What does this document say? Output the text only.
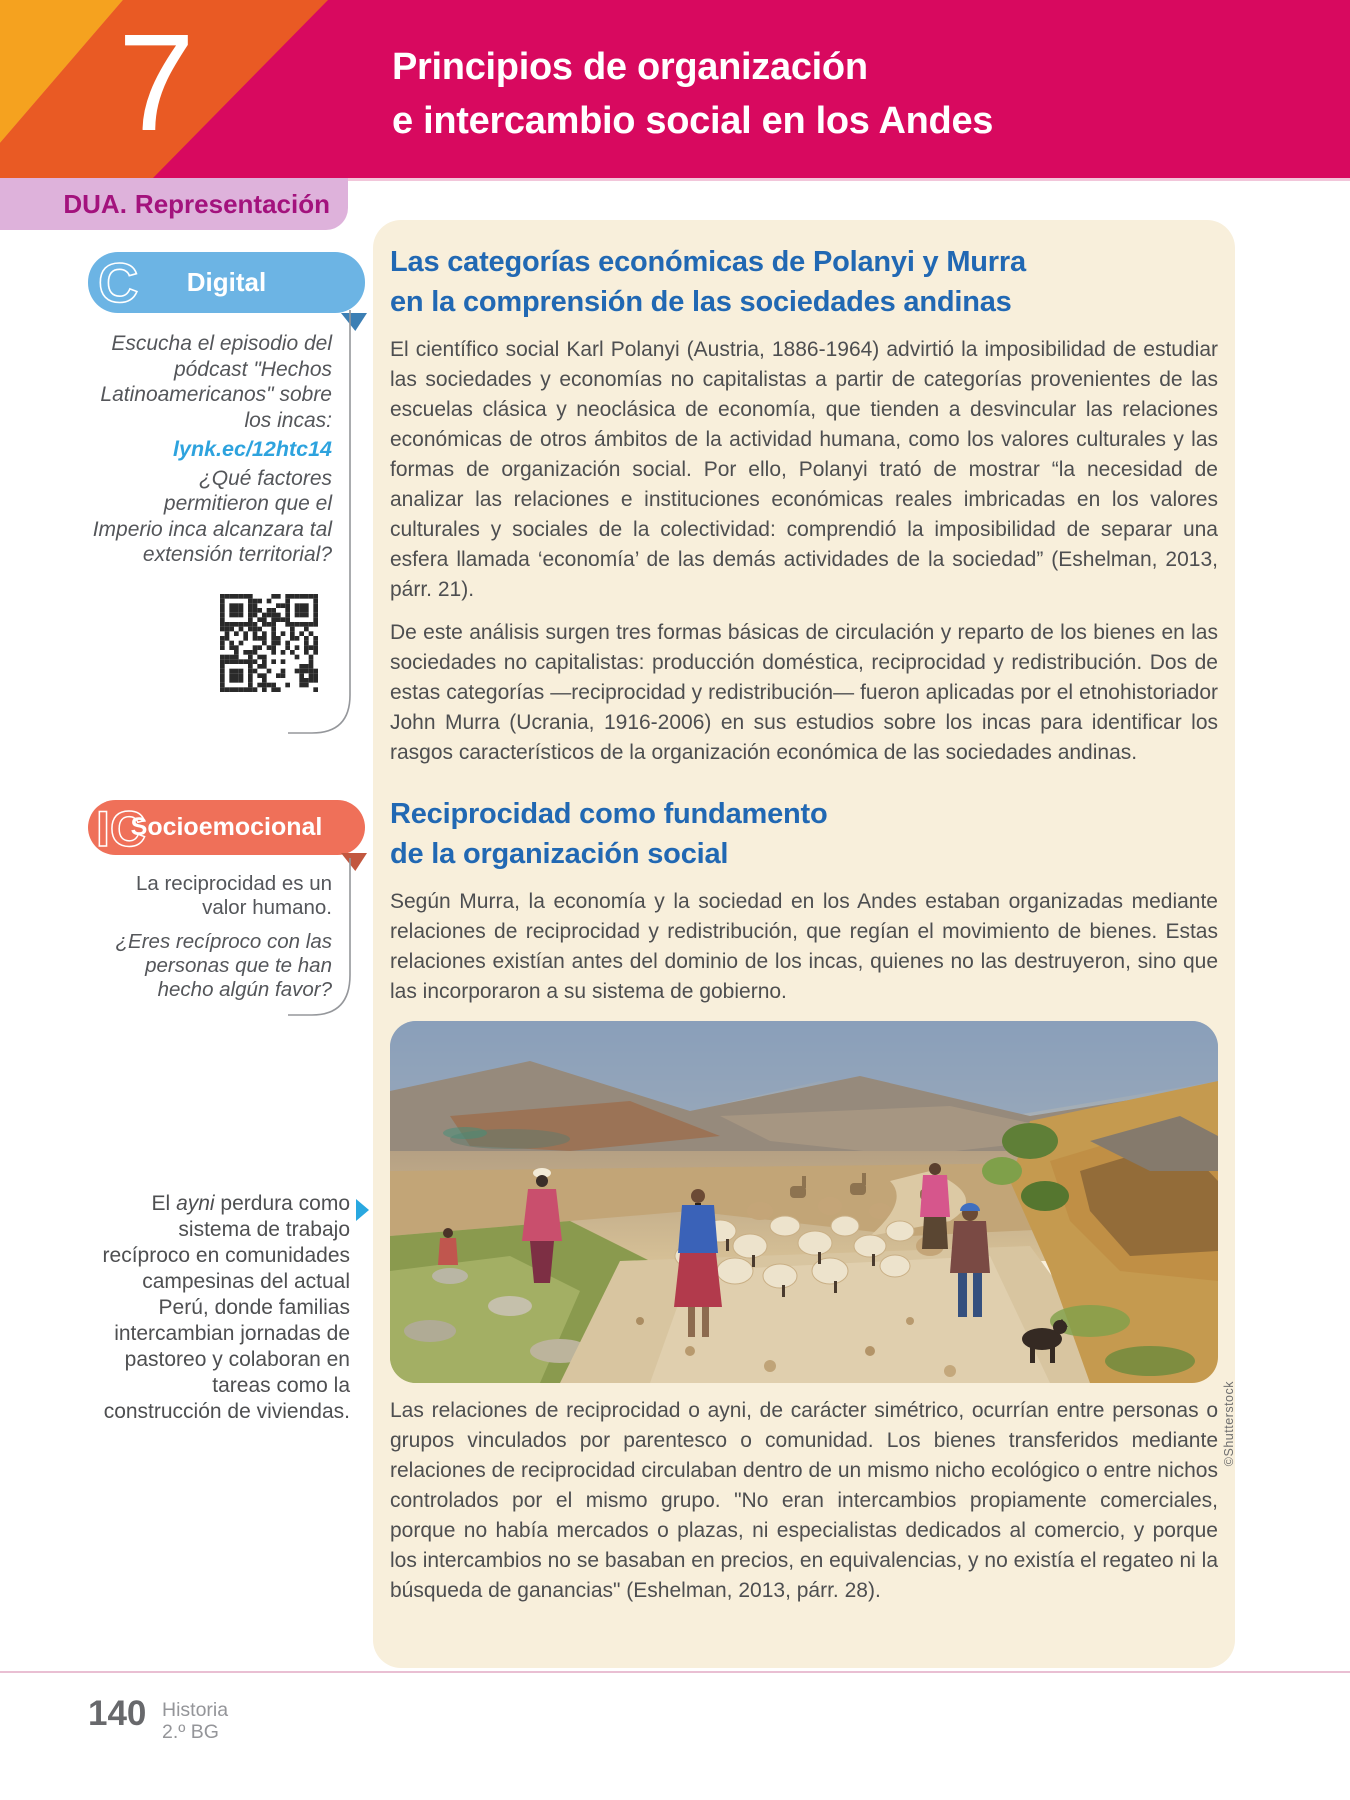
7	Principios de organización
e intercambio social en los Andes
DUA. Representación
C	Digital
Escucha el episodio del pódcast "Hechos Latinoamericanos" sobre los incas:
lynk.ec/12htc14
¿Qué factores permitieron que el Imperio inca alcanzara tal extensión territorial?
IC
Socioemocional
La reciprocidad es un valor humano.
¿Eres recíproco con las personas que te han hecho algún favor?
El ayni perdura como sistema de trabajo recíproco en comunidades campesinas del actual Perú, donde familias intercambian jornadas de pastoreo y colaboran en tareas como la construcción de viviendas.
Las categorías económicas de Polanyi y Murra
en la comprensión de las sociedades andinas

El científico social Karl Polanyi (Austria, 1886-1964) advirtió la imposibilidad de estudiar las sociedades y economías no capitalistas a partir de categorías provenientes de las escuelas clásica y neoclásica de economía, que tienden a desvincular las relaciones económicas de otros ámbitos de la actividad humana, como los valores culturales y las formas de organización social. Por ello, Polanyi trató de mostrar “la necesidad de analizar las relaciones e instituciones económicas reales imbricadas en los valores culturales y sociales de la colectividad: comprendió la imposibilidad de separar una esfera llamada ‘economía’ de las demás actividades de la sociedad” (Eshelman, 2013, párr. 21).

De este análisis surgen tres formas básicas de circulación y reparto de los bienes en las sociedades no capitalistas: producción doméstica, reciprocidad y redistribución. Dos de estas categorías —reciprocidad y redistribución— fueron aplicadas por el etnohistoriador John Murra (Ucrania, 1916-2006) en sus estudios sobre los incas para identificar los rasgos característicos de la organización económica de las sociedades andinas.

Reciprocidad como fundamento
de la organización social

Según Murra, la economía y la sociedad en los Andes estaban organizadas mediante relaciones de reciprocidad y redistribución, que regían el movimiento de bienes. Estas relaciones existían antes del dominio de los incas, quienes no las destruyeron, sino que las incorporaron a su sistema de gobierno.

©Shutterstock

Las relaciones de reciprocidad o ayni, de carácter simétrico, ocurrían entre personas o grupos vinculados por parentesco o comunidad. Los bienes transferidos mediante relaciones de reciprocidad circulaban dentro de un mismo nicho ecológico o entre nichos controlados por el mismo grupo. "No eran intercambios propiamente comerciales, porque no había mercados o plazas, ni especialistas dedicados al comercio, y porque los intercambios no se basaban en precios, en equivalencias, y no existía el regateo ni la búsqueda de ganancias" (Eshelman, 2013, párr. 28).

140 Historia
2.º BG
